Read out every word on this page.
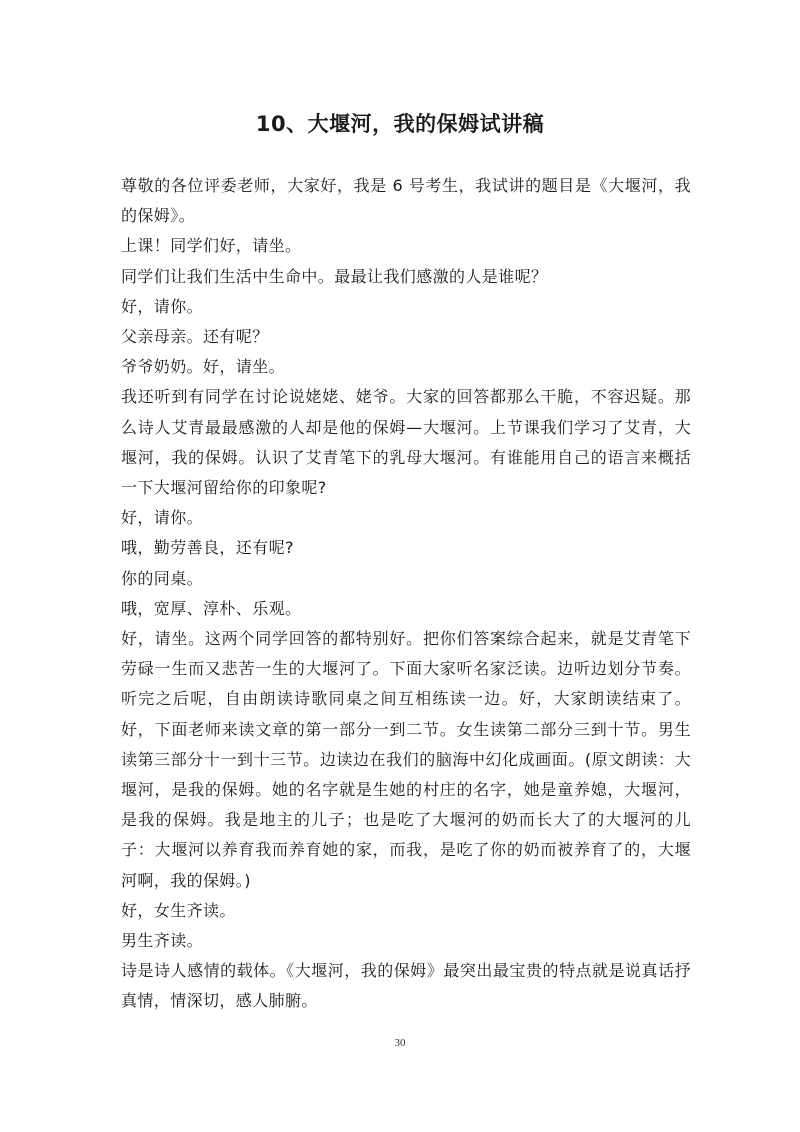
10、大堰河，我的保姆试讲稿

尊敬的各位评委老师，大家好，我是 6 号考生，我试讲的题目是《大堰河，我的保姆》。

上课！同学们好，请坐。

同学们让我们生活中生命中。最最让我们感激的人是谁呢？

好，请你。

父亲母亲。还有呢？

爷爷奶奶。好，请坐。

我还听到有同学在讨论说姥姥、姥爷。大家的回答都那么干脆，不容迟疑。那么诗人艾青最最感激的人却是他的保姆—大堰河。上节课我们学习了艾青，大堰河，我的保姆。认识了艾青笔下的乳母大堰河。有谁能用自己的语言来概括一下大堰河留给你的印象呢?

好，请你。

哦，勤劳善良，还有呢?

你的同桌。

哦，宽厚、淳朴、乐观。

好，请坐。这两个同学回答的都特别好。把你们答案综合起来，就是艾青笔下劳碌一生而又悲苦一生的大堰河了。下面大家听名家泛读。边听边划分节奏。听完之后呢，自由朗读诗歌同桌之间互相练读一边。好，大家朗读结束了。好，下面老师来读文章的第一部分一到二节。女生读第二部分三到十节。男生读第三部分十一到十三节。边读边在我们的脑海中幻化成画面。(原文朗读：大堰河，是我的保姆。她的名字就是生她的村庄的名字，她是童养媳，大堰河，是我的保姆。我是地主的儿子；也是吃了大堰河的奶而长大了的大堰河的儿子：大堰河以养育我而养育她的家，而我，是吃了你的奶而被养育了的，大堰河啊，我的保姆。)

好，女生齐读。

男生齐读。

诗是诗人感情的载体。《大堰河，我的保姆》最突出最宝贵的特点就是说真话抒真情，情深切，感人肺腑。

30
